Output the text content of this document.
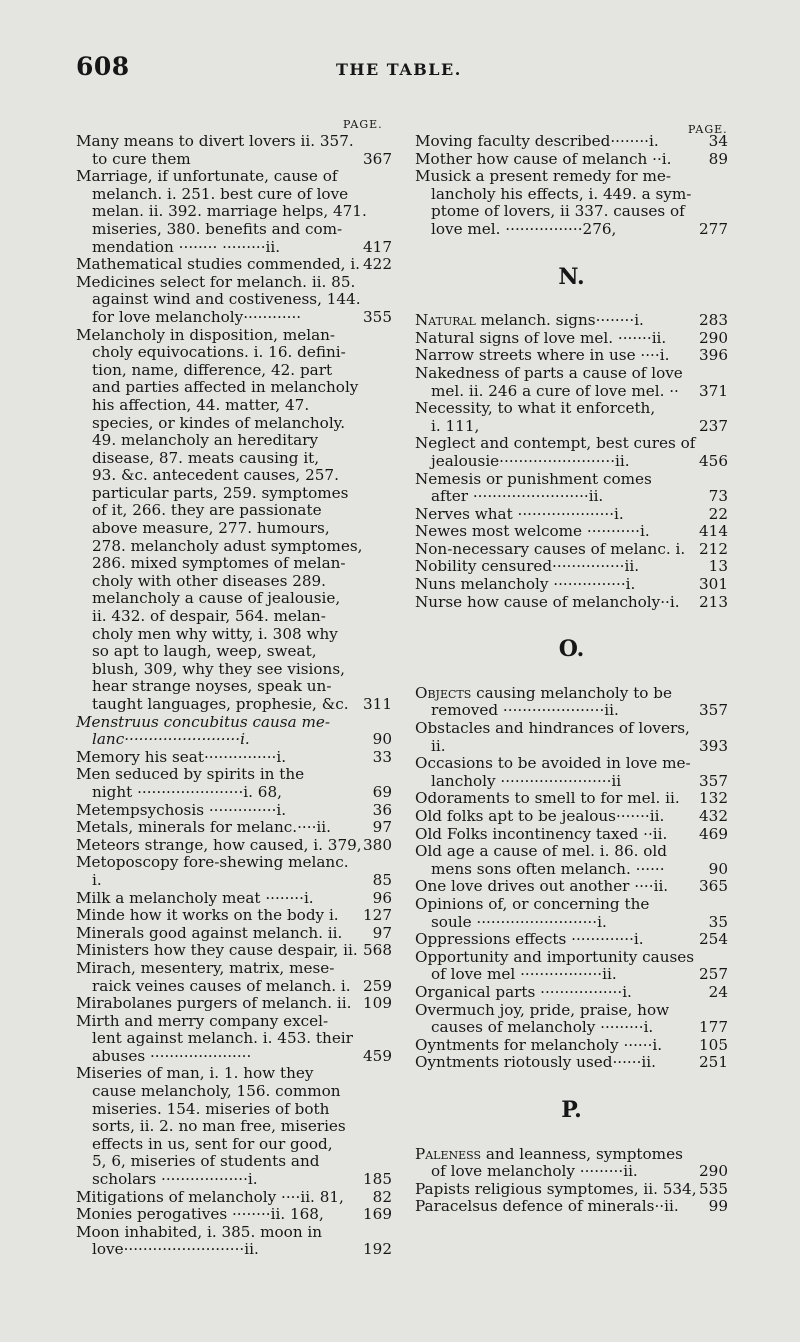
608	THE TABLE.
PAGE.	PAGE.
Many means to divert lovers ii. 357.
to cure them	367
Marriage, if unfortunate, cause of
melanch. i. 251. best cure of love
melan. ii. 392. marriage helps, 471.
miseries, 380. benefits and com-
mendation ········ ·········ii.	417
Mathematical studies commended, i. 422
Medicines select for melanch. ii. 85.
against wind and costiveness, 144.
for love melancholy············	355
Melancholy in disposition, melan-
choly equivocations. i. 16. defini-
tion, name, difference, 42. part
and parties affected in melancholy
his affection, 44. matter, 47.
species, or kindes of melancholy.
49. melancholy an hereditary
disease, 87. meats causing it,
93. &c. antecedent causes, 257.
particular parts, 259. symptomes
of it, 266. they are passionate
above measure, 277. humours,
278. melancholy adust symptomes,
286. mixed symptomes of melan-
choly with other diseases 289.
melancholy a cause of jealousie,
ii. 432. of despair, 564. melan-
choly men why witty, i. 308 why
so apt to laugh, weep, sweat,
blush, 309, why they see visions,
hear strange noyses, speak un-
taught languages, prophesie, &c. 311
Menstruus concubitus causa me-
lanc························i.	90
Memory his seat···············i.	33
Men seduced by spirits in the
night ······················i. 68,	69
Metempsychosis ··············i.	36
Metals, minerals for melanc.····ii.	97
Meteors strange, how caused, i. 379, 380
Metoposcopy fore-shewing melanc.
i.	85
Milk a melancholy meat ········i.	96
Minde how it works on the body i. 127
Minerals good against melanch. ii. 97
Ministers how they cause despair, ii. 568
Mirach, mesentery, matrix, mese-
raick veines causes of melanch. i. 259
Mirabolanes purgers of melanch. ii. 109
Mirth and merry company excel-
lent against melanch. i. 453. their
abuses ·····················	459
Miseries of man, i. 1. how they
cause melancholy, 156. common
miseries. 154. miseries of both
sorts, ii. 2. no man free, miseries
effects in us, sent for our good,
5, 6, miseries of students and
scholars ··················i.	185
Mitigations of melancholy ····ii. 81, 82
Monies perogatives ········ii. 168,	169
Moon inhabited, i. 385. moon in
love·························ii.	192
Moving faculty described········i.	34
Mother how cause of melanch ··i. 89
Musick a present remedy for me-
lancholy his effects, i. 449. a sym-
ptome of lovers, ii 337. causes of
love mel. ················276,	277
N.
Natural melanch. signs········i.	283
Natural signs of love mel. ·······ii. 290
Narrow streets where in use ····i. 396
Nakedness of parts a cause of love
mel. ii. 246 a cure of love mel. ·· 371
Necessity, to what it enforceth,
i. 111,	237
Neglect and contempt, best cures of
jealousie························ii.	456
Nemesis or punishment comes
after ························ii.	73
Nerves what ····················i.	22
Newes most welcome ···········i.	414
Non-necessary causes of melanc. i. 212
Nobility censured···············ii.	13
Nuns melancholy ···············i.	301
Nurse how cause of melancholy··i. 213
O.
Objects causing melancholy to be
removed ·····················ii.	357
Obstacles and hindrances of lovers,
ii.	393
Occasions to be avoided in love me-
lancholy ·······················ii	357
Odoraments to smell to for mel. ii. 132
Old folks apt to be jealous·······ii. 432
Old Folks incontinency taxed ··ii. 469
Old age a cause of mel. i. 86. old
mens sons often melanch. ······	90
One love drives out another ····ii. 365
Opinions of, or concerning the
soule ·························i.	35
Oppressions effects ·············i.	254
Opportunity and importunity causes
of love mel ·················ii.	257
Organical parts ·················i.	24
Overmuch joy, pride, praise, how
causes of melancholy ·········i.	177
Oyntments for melancholy ······i. 105
Oyntments riotously used······ii.	251
P.
Paleness and leanness, symptomes
of love melancholy ·········ii.	290
Papists religious symptomes, ii. 534, 535
Paracelsus defence of minerals··ii. 99
